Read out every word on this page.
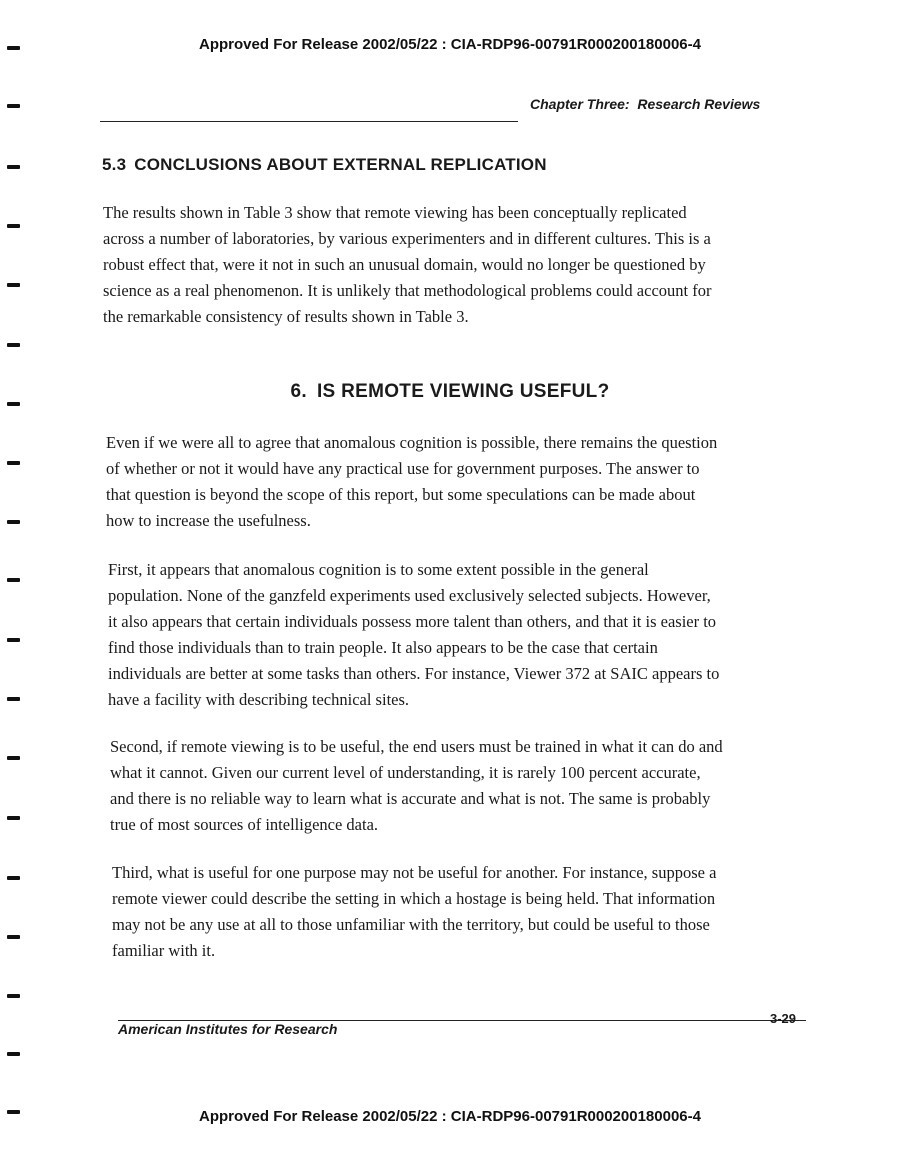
Approved For Release 2002/05/22 : CIA-RDP96-00791R000200180006-4
Approved For Release 2002/05/22 : CIA-RDP96-00791R000200180006-4
Chapter Three: Research Reviews
5.3 CONCLUSIONS ABOUT EXTERNAL REPLICATION

The results shown in Table 3 show that remote viewing has been conceptually replicated
across a number of laboratories, by various experimenters and in different cultures. This is a
robust effect that, were it not in such an unusual domain, would no longer be questioned by
science as a real phenomenon. It is unlikely that methodological problems could account for
the remarkable consistency of results shown in Table 3.

6. IS REMOTE VIEWING USEFUL?

Even if we were all to agree that anomalous cognition is possible, there remains the question
of whether or not it would have any practical use for government purposes. The answer to
that question is beyond the scope of this report, but some speculations can be made about
how to increase the usefulness.

First, it appears that anomalous cognition is to some extent possible in the general
population. None of the ganzfeld experiments used exclusively selected subjects. However,
it also appears that certain individuals possess more talent than others, and that it is easier to
find those individuals than to train people. It also appears to be the case that certain
individuals are better at some tasks than others. For instance, Viewer 372 at SAIC appears to
have a facility with describing technical sites.

Second, if remote viewing is to be useful, the end users must be trained in what it can do and
what it cannot. Given our current level of understanding, it is rarely 100 percent accurate,
and there is no reliable way to learn what is accurate and what is not. The same is probably
true of most sources of intelligence data.

Third, what is useful for one purpose may not be useful for another. For instance, suppose a
remote viewer could describe the setting in which a hostage is being held. That information
may not be any use at all to those unfamiliar with the territory, but could be useful to those
familiar with it.

American Institutes for Research
3-29
